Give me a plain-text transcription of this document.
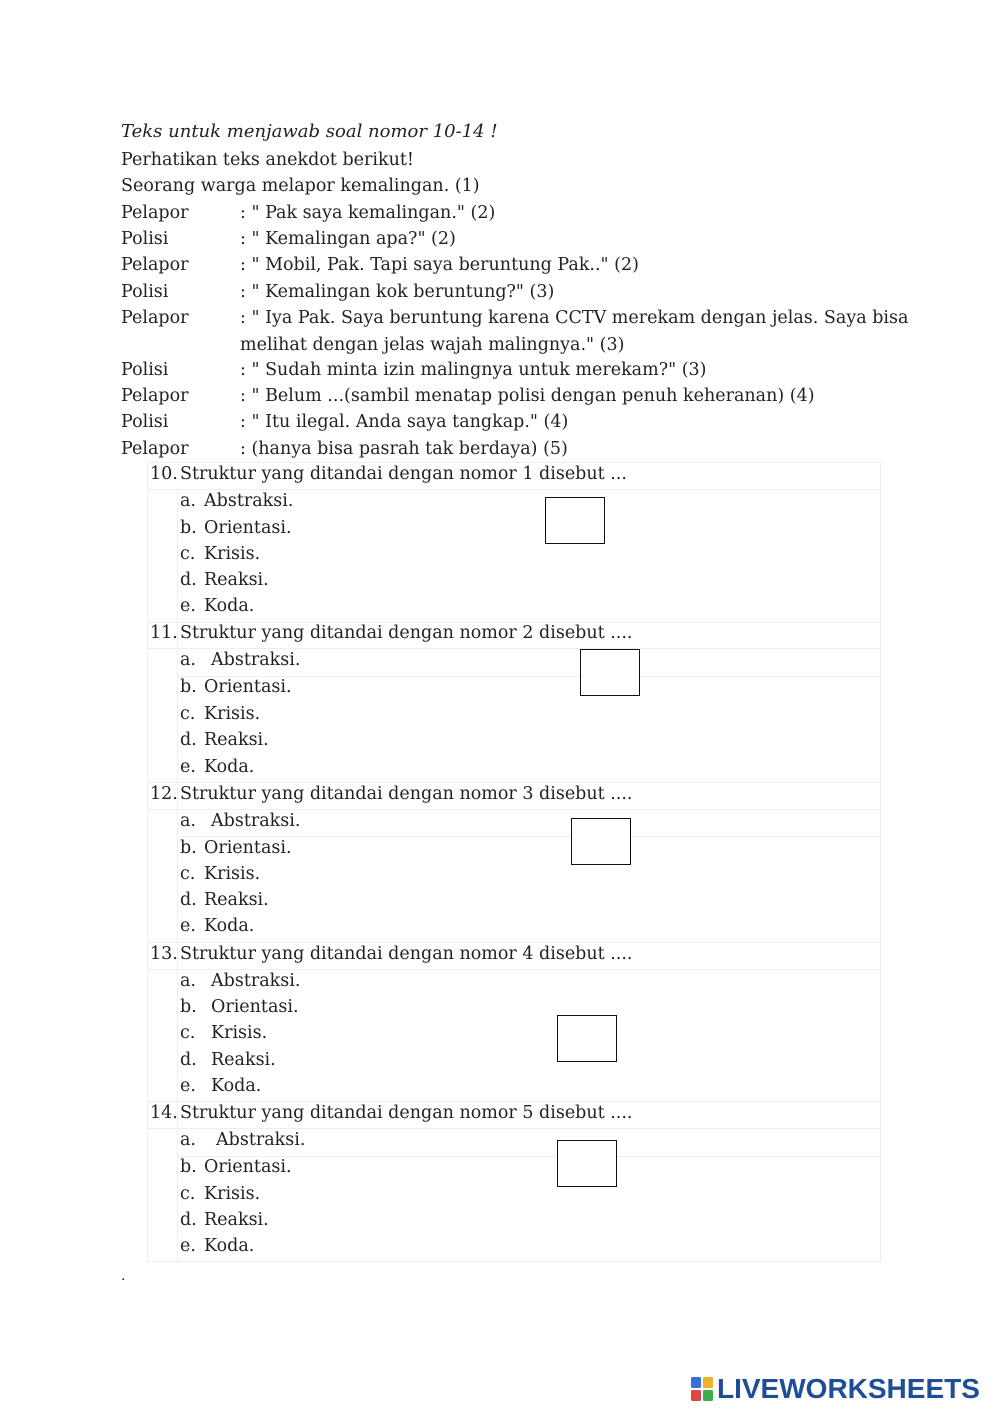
Teks untuk menjawab soal nomor 10-14 !
Perhatikan teks anekdot berikut!
Seorang warga melapor kemalingan. (1)
Pelapor	: " Pak saya kemalingan." (2)
Polisi	: " Kemalingan apa?" (2)
Pelapor	: " Mobil, Pak. Tapi saya beruntung Pak.." (2)
Polisi	: " Kemalingan kok beruntung?" (3)
Pelapor	: " Iya Pak. Saya beruntung karena CCTV merekam dengan jelas. Saya bisa
melihat dengan jelas wajah malingnya." (3)
Polisi	: " Sudah minta izin malingnya untuk merekam?" (3)
Pelapor	: " Belum ...(sambil menatap polisi dengan penuh keheranan) (4)
Polisi	: " Itu ilegal. Anda saya tangkap." (4)
Pelapor	: (hanya bisa pasrah tak berdaya) (5)
10. Struktur yang ditandai dengan nomor 1 disebut ...
a. Abstraksi.
b. Orientasi.
c. Krisis.
d. Reaksi.
e. Koda.
11. Struktur yang ditandai dengan nomor 2 disebut ....
a. Abstraksi.
b. Orientasi.
c. Krisis.
d. Reaksi.
e. Koda.
12. Struktur yang ditandai dengan nomor 3 disebut ....
a. Abstraksi.
b. Orientasi.
c. Krisis.
d. Reaksi.
e. Koda.
13. Struktur yang ditandai dengan nomor 4 disebut ....
a. Abstraksi.
b. Orientasi.
c. Krisis.
d. Reaksi.
e. Koda.
14. Struktur yang ditandai dengan nomor 5 disebut ....
a. Abstraksi.
b. Orientasi.
c. Krisis.
d. Reaksi.
e. Koda.
.
LIVEWORKSHEETS
